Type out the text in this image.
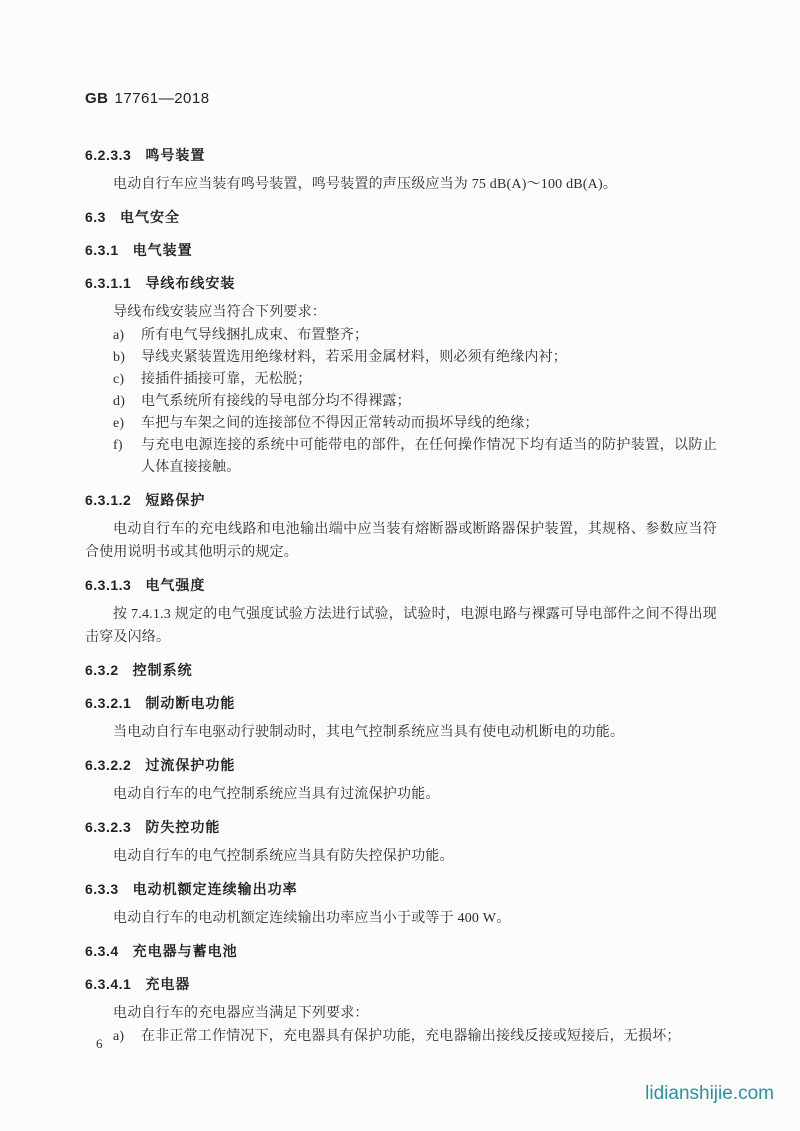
GB 17761—2018
6.2.3.3 鸣号装置

电动自行车应当装有鸣号装置，鸣号装置的声压级应当为 75 dB(A)～100 dB(A)。

6.3 电气安全
6.3.1 电气装置
6.3.1.1 导线布线安装

导线布线安装应当符合下列要求：

a)	所有电气导线捆扎成束、布置整齐；
b)	导线夹紧装置选用绝缘材料，若采用金属材料，则必须有绝缘内衬；
c)	接插件插接可靠，无松脱；
d)	电气系统所有接线的导电部分均不得裸露；
e)	车把与车架之间的连接部位不得因正常转动而损坏导线的绝缘；
f)	与充电电源连接的系统中可能带电的部件，在任何操作情况下均有适当的防护装置，以防止人体直接接触。
6.3.1.2 短路保护

电动自行车的充电线路和电池输出端中应当装有熔断器或断路器保护装置，其规格、参数应当符合使用说明书或其他明示的规定。

6.3.1.3 电气强度

按 7.4.1.3 规定的电气强度试验方法进行试验，试验时，电源电路与裸露可导电部件之间不得出现击穿及闪络。

6.3.2 控制系统
6.3.2.1 制动断电功能

当电动自行车电驱动行驶制动时，其电气控制系统应当具有使电动机断电的功能。

6.3.2.2 过流保护功能

电动自行车的电气控制系统应当具有过流保护功能。

6.3.2.3 防失控功能

电动自行车的电气控制系统应当具有防失控保护功能。

6.3.3 电动机额定连续输出功率

电动自行车的电动机额定连续输出功率应当小于或等于 400 W。

6.3.4 充电器与蓄电池
6.3.4.1 充电器

电动自行车的充电器应当满足下列要求：

a)	在非正常工作情况下，充电器具有保护功能，充电器输出接线反接或短接后，无损坏；
6
lidianshijie.com
